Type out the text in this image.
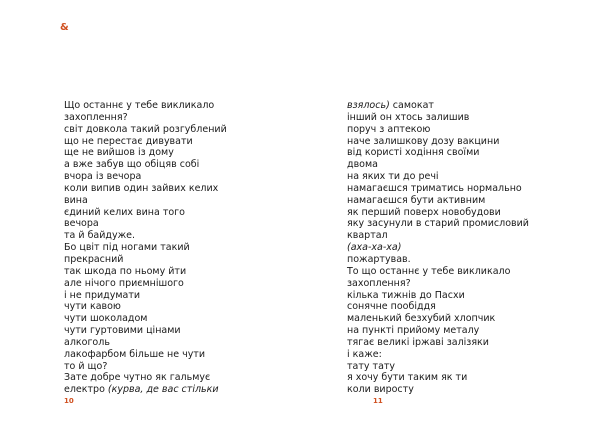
&
Що останнє у тебе викликало
захоплення?
світ довкола такий розгублений
що не перестає дивувати
ще не вийшов із дому
а вже забув що обіцяв собі
вчора із вечора
коли випив один зайвих келих
вина
єдиний келих вина того
вечора
та й байдуже.
Бо цвіт під ногами такий
прекрасний
так шкода по ньому йти
але нічого приємнішого
і не придумати
чути кавою
чути шоколадом
чути гуртовими цінами
алкоголь
лакофарбом більше не чути
то й що?
Зате добре чутно як гальмує
електро (курва, де вас стільки
взялось) самокат
інший он хтось залишив
поруч з аптекою
наче залишкову дозу вакцини
від користі ходіння своїми
двома
на яких ти до речі
намагаєшся триматись нормально
намагаєшся бути активним
як перший поверх новобудови
яку засунули в старий промисловий
квартал
(аха-ха-ха)
пожартував.
То що останнє у тебе викликало
захоплення?
кілька тижнів до Пасхи
сонячне пообіддя
маленький безхубий хлопчик
на пункті прийому металу
тягає великі іржаві залізяки
і каже:
тату тату
я хочу бути таким як ти
коли виросту
10	11
